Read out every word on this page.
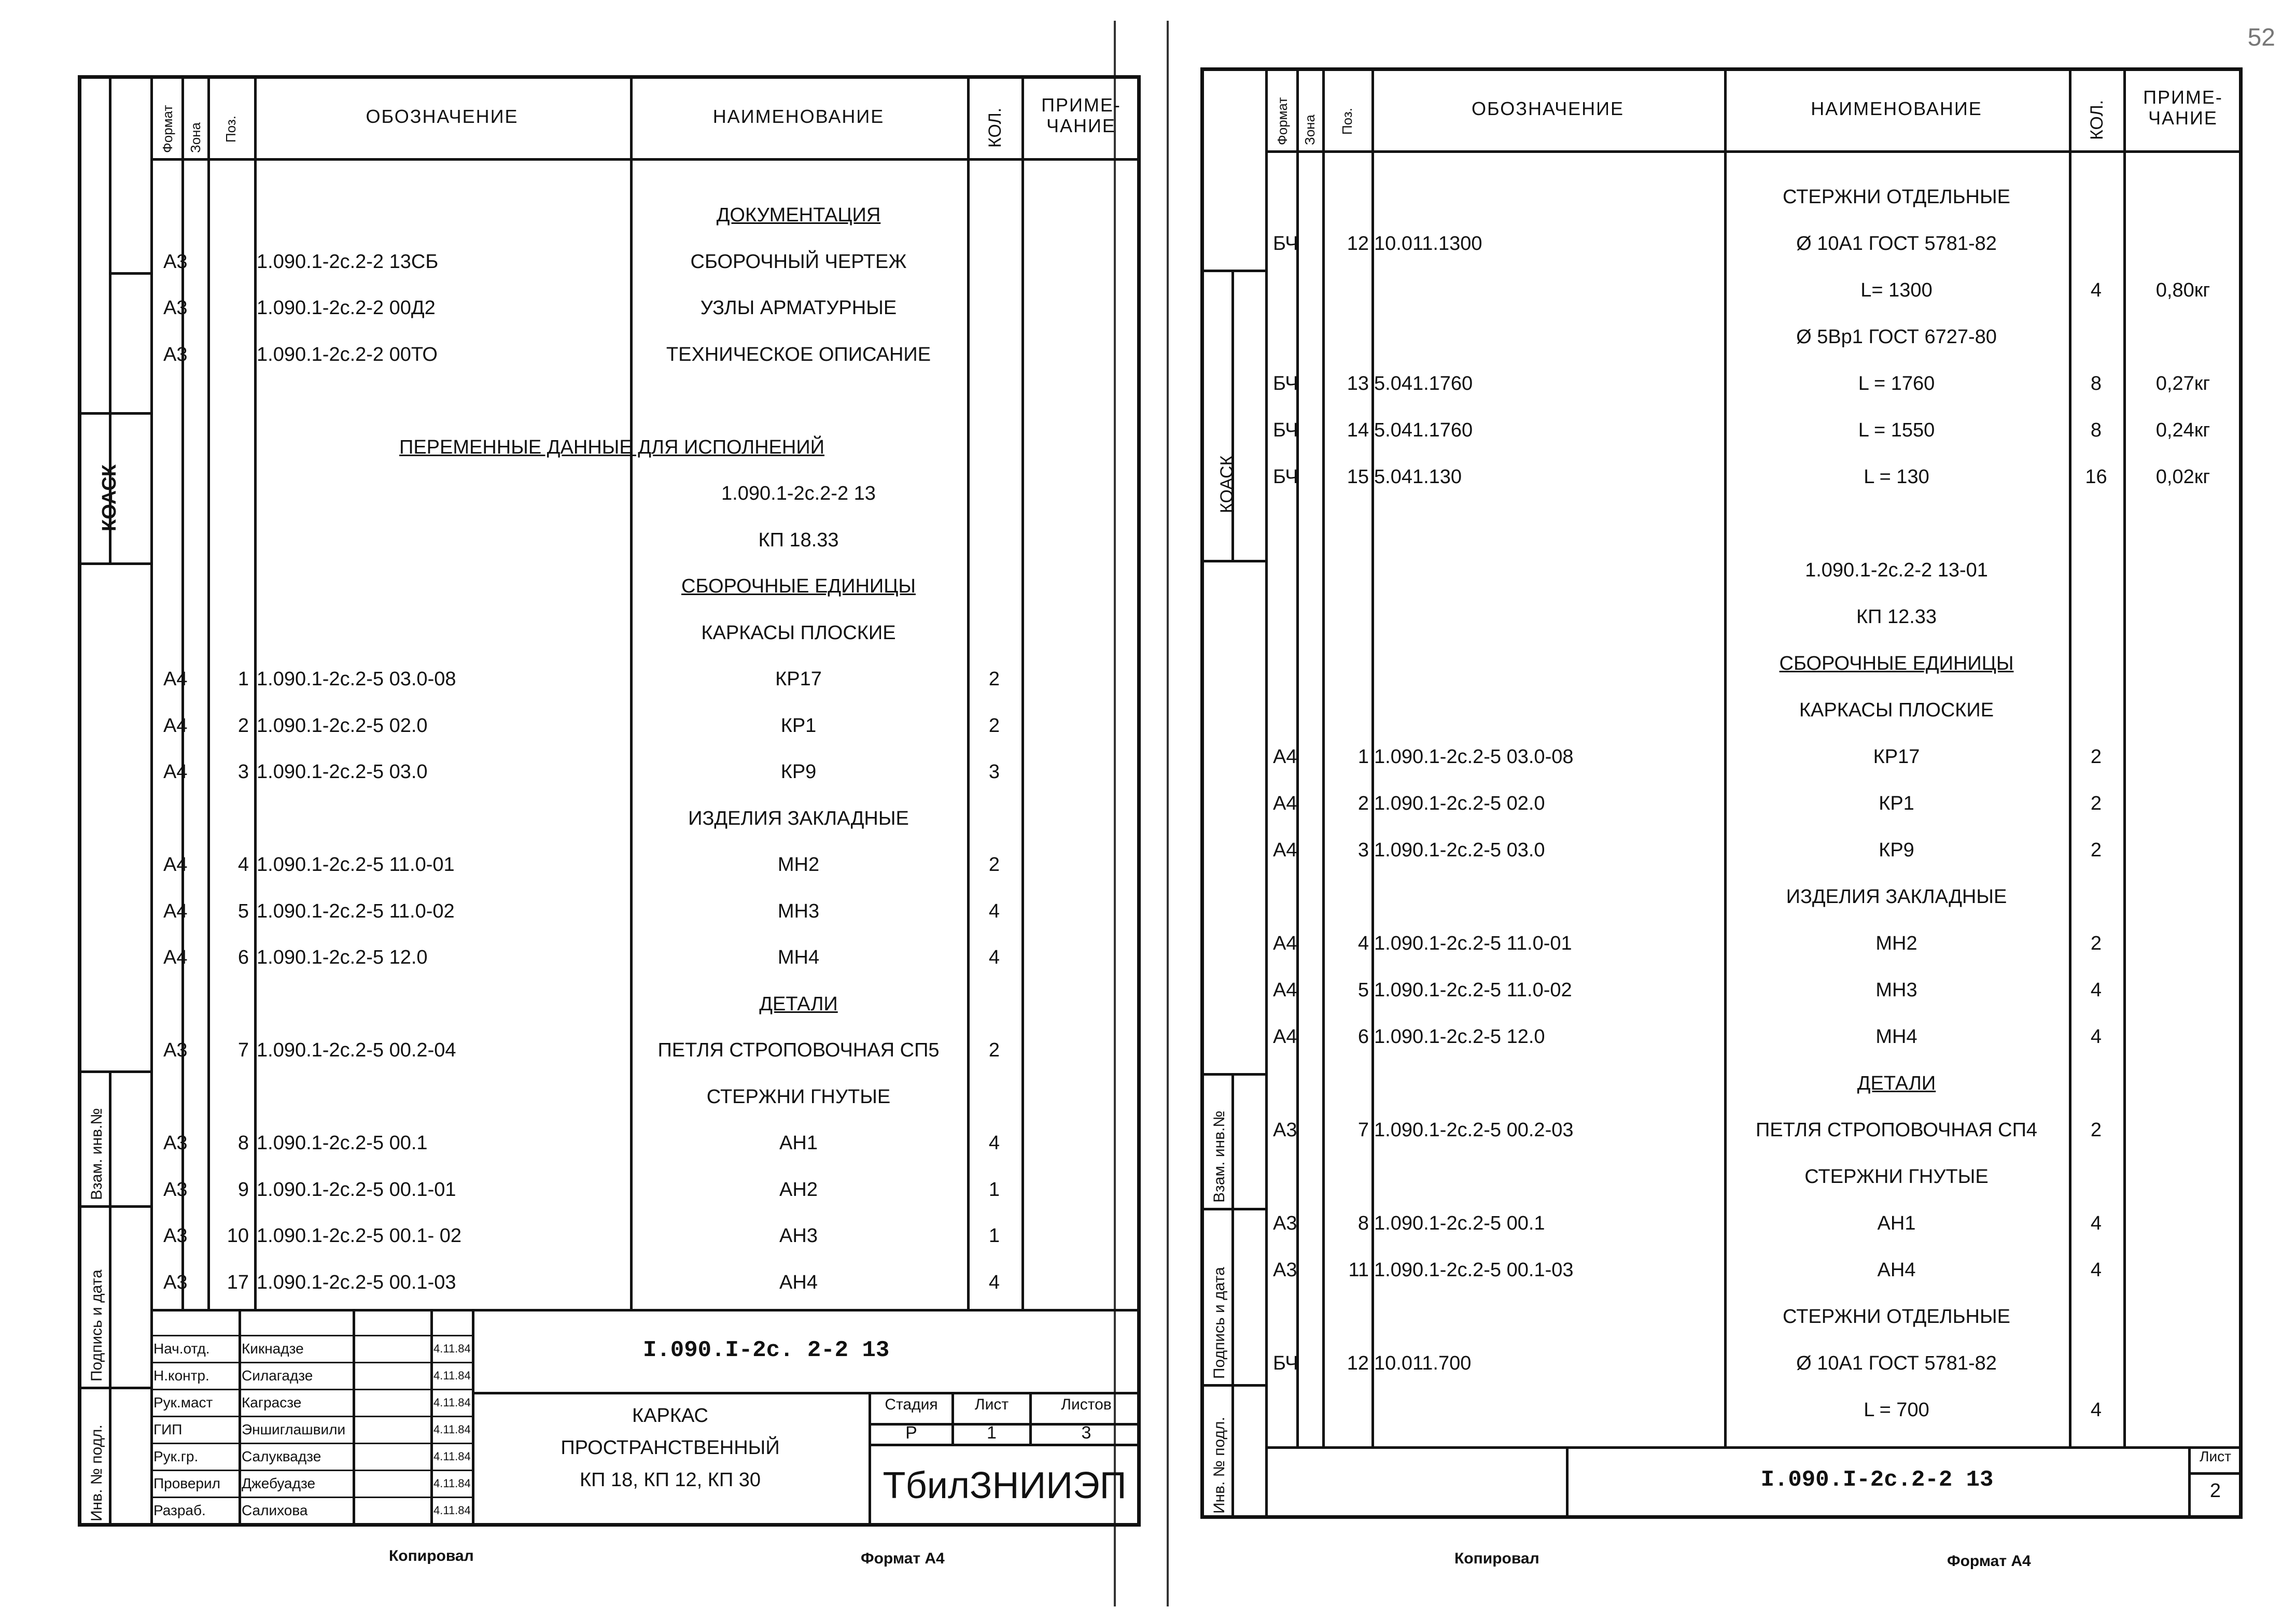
52
КОАСК
Взам. инв.№
Подпись и дата
Инв. № подл.
Формат Зона Поз.	ОБОЗНАЧЕНИЕ	НАИМЕНОВАНИЕ	КОЛ.
ПРИМЕ-
ЧАНИЕ
ДОКУМЕНТАЦИЯ
А3	1.090.1-2с.2-2 13СБ	СБОРОЧНЫЙ ЧЕРТЕЖ
А3	1.090.1-2с.2-2 00Д2	УЗЛЫ АРМАТУРНЫЕ
А3	1.090.1-2с.2-2 00ТО	ТЕХНИЧЕСКОЕ ОПИСАНИЕ
ПЕРЕМЕННЫЕ ДАННЫЕ ДЛЯ ИСПОЛНЕНИЙ
1.090.1-2с.2-2 13
КП 18.33
СБОРОЧНЫЕ ЕДИНИЦЫ
КАРКАСЫ ПЛОСКИЕ
А4	1 1.090.1-2с.2-5 03.0-08	КР17	2
А4	2 1.090.1-2с.2-5 02.0	КР1	2
А4	3 1.090.1-2с.2-5 03.0	КР9	3
ИЗДЕЛИЯ ЗАКЛАДНЫЕ
А4	4 1.090.1-2с.2-5 11.0-01	МН2	2
А4	5 1.090.1-2с.2-5 11.0-02	МН3	4
А4	6 1.090.1-2с.2-5 12.0	МН4	4
ДЕТАЛИ
А3	7 1.090.1-2с.2-5 00.2-04	ПЕТЛЯ СТРОПОВОЧНАЯ СП5	2
СТЕРЖНИ ГНУТЫЕ
А3	8 1.090.1-2с.2-5 00.1	АН1	4
А3	9 1.090.1-2с.2-5 00.1-01	АН2	1
А3	10 1.090.1-2с.2-5 00.1- 02	АН3	1
А3	17 1.090.1-2с.2-5 00.1-03	АН4	4
Нач.отд.	Кикнадзе	4.11.84
Н.контр.	Силагадзе	4.11.84
Рук.маст	Каграсзе	4.11.84
ГИП	Эншиглашвили	4.11.84
Рук.гр.	Салуквадзе	4.11.84
Проверил	Джебуадзе	4.11.84
Разраб.	Салихова	4.11.84
I.090.I-2с. 2-2 13
КАРКАС
ПРОСТРАНСТВЕННЫЙ
КП 18, КП 12, КП 30
Стадия	Лист	Листов
Р	1	3
ТбилЗНИИЭП
Копировал	Формат А4
КОАСК
Взам. инв.№
Подпись и дата
Инв. № подл.
Формат Зона Поз.	ОБОЗНАЧЕНИЕ	НАИМЕНОВАНИЕ	КОЛ.
ПРИМЕ-
ЧАНИЕ
СТЕРЖНИ ОТДЕЛЬНЫЕ
БЧ	12 10.011.1300	Ø 10А1 ГОСТ 5781-82
L= 1300	4	0,80кг
Ø 5Вр1 ГОСТ 6727-80
БЧ	13 5.041.1760	L = 1760	8	0,27кг
БЧ	14 5.041.1760	L = 1550	8	0,24кг
БЧ	15 5.041.130	L = 130	16	0,02кг
1.090.1-2с.2-2 13-01
КП 12.33
СБОРОЧНЫЕ ЕДИНИЦЫ
КАРКАСЫ ПЛОСКИЕ
А4	1 1.090.1-2с.2-5 03.0-08	КР17	2
А4	2 1.090.1-2с.2-5 02.0	КР1	2
А4	3 1.090.1-2с.2-5 03.0	КР9	2
ИЗДЕЛИЯ ЗАКЛАДНЫЕ
А4	4 1.090.1-2с.2-5 11.0-01	МН2	2
А4	5 1.090.1-2с.2-5 11.0-02	МН3	4
А4	6 1.090.1-2с.2-5 12.0	МН4	4
ДЕТАЛИ
А3	7 1.090.1-2с.2-5 00.2-03	ПЕТЛЯ СТРОПОВОЧНАЯ СП4	2
СТЕРЖНИ ГНУТЫЕ
А3	8 1.090.1-2с.2-5 00.1	АН1	4
А3	11 1.090.1-2с.2-5 00.1-03	АН4	4
СТЕРЖНИ ОТДЕЛЬНЫЕ
БЧ	12 10.011.700	Ø 10А1 ГОСТ 5781-82
L = 700	4
I.090.I-2с.2-2 13
Лист
2
Копировал	Формат А4
